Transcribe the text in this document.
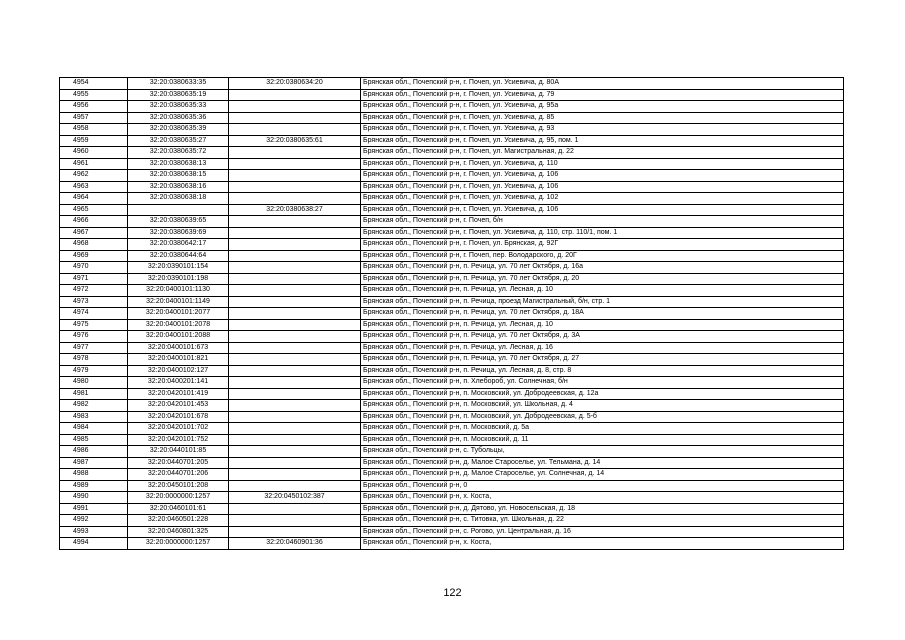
4954	32:20:0380633:35	32:20:0380634:20	Брянская обл., Почепский р-н, г. Почеп, ул. Усиевича, д. 80А
4955	32:20:0380635:19		Брянская обл., Почепский р-н, г. Почеп, ул. Усиевича, д. 79
4956	32:20:0380635:33		Брянская обл., Почепский р-н, г. Почеп, ул. Усиевича, д. 95а
4957	32:20:0380635:36		Брянская обл., Почепский р-н, г. Почеп, ул. Усиевича, д. 85
4958	32:20:0380635:39		Брянская обл., Почепский р-н, г. Почеп, ул. Усиевича, д. 93
4959	32:20:0380635:27	32:20:0380635:61	Брянская обл., Почепский р-н, г. Почеп, ул. Усиевича, д. 95, пом. 1
4960	32:20:0380635:72		Брянская обл., Почепский р-н, г. Почеп, ул. Магистральная, д. 22
4961	32:20:0380638:13		Брянская обл., Почепский р-н, г. Почеп, ул. Усиевича, д. 110
4962	32:20:0380638:15		Брянская обл., Почепский р-н, г. Почеп, ул. Усиевича, д. 106
4963	32:20:0380638:16		Брянская обл., Почепский р-н, г. Почеп, ул. Усиевича, д. 106
4964	32:20:0380638:18		Брянская обл., Почепский р-н, г. Почеп, ул. Усиевича, д. 102
4965		32:20:0380638:27	Брянская обл., Почепский р-н, г. Почеп, ул. Усиевича, д. 106
4966	32:20:0380639:65		Брянская обл., Почепский р-н, г. Почеп, б/н
4967	32:20:0380639:69		Брянская обл., Почепский р-н, г. Почеп, ул. Усиевича, д. 110, стр. 110/1, пом. 1
4968	32:20:0380642:17		Брянская обл., Почепский р-н, г. Почеп, ул. Брянская, д. 92Г
4969	32:20:0380644:64		Брянская обл., Почепский р-н, г. Почеп, пер. Володарского, д. 20Г
4970	32:20:0390101:154		Брянская обл., Почепский р-н, п. Речица, ул. 70 лет Октября, д. 16а
4971	32:20:0390101:198		Брянская обл., Почепский р-н, п. Речица, ул. 70 лет Октября, д. 20
4972	32:20:0400101:1130		Брянская обл., Почепский р-н, п. Речица, ул. Лесная, д. 10
4973	32:20:0400101:1149		Брянская обл., Почепский р-н, п. Речица, проезд Магистральный, б/н, стр. 1
4974	32:20:0400101:2077		Брянская обл., Почепский р-н, п. Речица, ул. 70 лет Октября, д. 18А
4975	32:20:0400101:2078		Брянская обл., Почепский р-н, п. Речица, ул. Лесная, д. 10
4976	32:20:0400101:2088		Брянская обл., Почепский р-н, п. Речица, ул. 70 лет Октября, д. 3А
4977	32:20:0400101:673		Брянская обл., Почепский р-н, п. Речица, ул. Лесная, д. 16
4978	32:20:0400101:821		Брянская обл., Почепский р-н, п. Речица, ул. 70 лет Октября, д. 27
4979	32:20:0400102:127		Брянская обл., Почепский р-н, п. Речица, ул. Лесная, д. 8, стр. 8
4980	32:20:0400201:141		Брянская обл., Почепский р-н, п. Хлебороб, ул. Солнечная, б/н
4981	32:20:0420101:419		Брянская обл., Почепский р-н, п. Московский, ул. Добродеевская, д. 12а
4982	32:20:0420101:453		Брянская обл., Почепский р-н, п. Московский, ул. Школьная, д. 4
4983	32:20:0420101:678		Брянская обл., Почепский р-н, п. Московский, ул. Добродеевская, д. 5-б
4984	32:20:0420101:702		Брянская обл., Почепский р-н, п. Московский, д. 5а
4985	32:20:0420101:752		Брянская обл., Почепский р-н, п. Московский, д. 11
4986	32:20:0440101:85		Брянская обл., Почепский р-н, с. Тубольцы,
4987	32:20:0440701:205		Брянская обл., Почепский р-н, д. Малое Староселье, ул. Тельмана, д. 14
4988	32:20:0440701:206		Брянская обл., Почепский р-н, д. Малое Староселье, ул. Солнечная, д. 14
4989	32:20:0450101:208		Брянская обл., Почепский р-н, 0
4990	32:20:0000000:1257	32:20:0450102:387	Брянская обл., Почепский р-н, х. Коста,
4991	32:20:0460101:61		Брянская обл., Почепский р-н, д. Дятово, ул. Новосельская, д. 18
4992	32:20:0460501:228		Брянская обл., Почепский р-н, с. Титовка, ул. Школьная, д. 22
4993	32:20:0460801:325		Брянская обл., Почепский р-н, с. Рогово, ул. Центральная, д. 16
4994	32:20:0000000:1257	32:20:0460901:36	Брянская обл., Почепский р-н, х. Коста,
122
